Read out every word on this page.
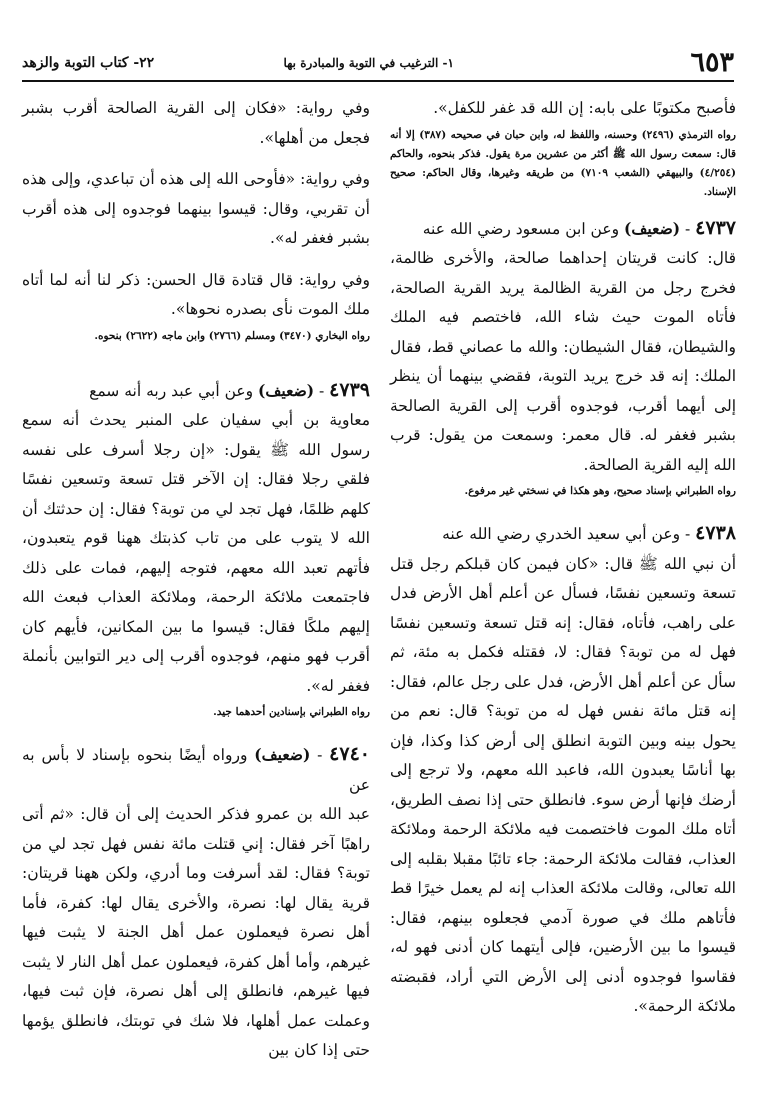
٦٥٣
١- الترغيب في التوبة والمبادرة بها
٢٢- كتاب التوبة والزهد

فأصبح مكتوبًا على بابه: إن الله قد غفر للكفل».

رواه الترمذي (٢٤٩٦) وحسنه، واللفظ له، وابن حبان في صحيحه (٣٨٧) إلا أنه قال: سمعت رسول الله ﷺ أكثر من عشرين مرة يقول. فذكر بنحوه، والحاكم (٤/٢٥٤) والبيهقي (الشعب ٧١٠٩) من طريقه وغيرها، وقال الحاكم: صحيح الإسناد.

٤٧٣٧ - (ضعيف) وعن ابن مسعود رضي الله عنه

قال: كانت قريتان إحداهما صالحة، والأخرى ظالمة، فخرج رجل من القرية الظالمة يريد القرية الصالحة، فأتاه الموت حيث شاء الله، فاختصم فيه الملك والشيطان، فقال الشيطان: والله ما عصاني قط، فقال الملك: إنه قد خرج يريد التوبة، فقضي بينهما أن ينظر إلى أيهما أقرب، فوجدوه أقرب إلى القرية الصالحة بشبر فغفر له. قال معمر: وسمعت من يقول: قرب الله إليه القرية الصالحة.

رواه الطبراني بإسناد صحيح، وهو هكذا في نسختي غير مرفوع.

٤٧٣٨ - وعن أبي سعيد الخدري رضي الله عنه

أن نبي الله ﷺ قال: «كان فيمن كان قبلكم رجل قتل تسعة وتسعين نفسًا، فسأل عن أعلم أهل الأرض فدل على راهب، فأتاه، فقال: إنه قتل تسعة وتسعين نفسًا فهل له من توبة؟ فقال: لا، فقتله فكمل به مئة، ثم سأل عن أعلم أهل الأرض، فدل على رجل عالم، فقال: إنه قتل مائة نفس فهل له من توبة؟ قال: نعم من يحول بينه وبين التوبة انطلق إلى أرض كذا وكذا، فإن بها أناسًا يعبدون الله، فاعبد الله معهم، ولا ترجع إلى أرضك فإنها أرض سوء. فانطلق حتى إذا نصف الطريق، أتاه ملك الموت فاختصمت فيه ملائكة الرحمة وملائكة العذاب، فقالت ملائكة الرحمة: جاء تائبًا مقبلا بقلبه إلى الله تعالى، وقالت ملائكة العذاب إنه لم يعمل خيرًا قط فأتاهم ملك في صورة آدمي فجعلوه بينهم، فقال: قيسوا ما بين الأرضين، فإلى أيتهما كان أدنى فهو له، فقاسوا فوجدوه أدنى إلى الأرض التي أراد، فقبضته ملائكة الرحمة».

وفي رواية: «فكان إلى القرية الصالحة أقرب بشبر فجعل من أهلها».

وفي رواية: «فأوحى الله إلى هذه أن تباعدي، وإلى هذه أن تقربي، وقال: قيسوا بينهما فوجدوه إلى هذه أقرب بشبر فغفر له».

وفي رواية: قال قتادة قال الحسن: ذكر لنا أنه لما أتاه ملك الموت نأى بصدره نحوها».

رواه البخاري (٣٤٧٠) ومسلم (٢٧٦٦) وابن ماجه (٢٦٢٢) بنحوه.

٤٧٣٩ - (ضعيف) وعن أبي عبد ربه أنه سمع

معاوية بن أبي سفيان على المنبر يحدث أنه سمع رسول الله ﷺ يقول: «إن رجلا أسرف على نفسه فلقي رجلا فقال: إن الآخر قتل تسعة وتسعين نفسًا كلهم ظلمًا، فهل تجد لي من توبة؟ فقال: إن حدثتك أن الله لا يتوب على من تاب كذبتك ههنا قوم يتعبدون، فأتهم تعبد الله معهم، فتوجه إليهم، فمات على ذلك فاجتمعت ملائكة الرحمة، وملائكة العذاب فبعث الله إليهم ملكًا فقال: قيسوا ما بين المكانين، فأيهم كان أقرب فهو منهم، فوجدوه أقرب إلى دير التوابين بأنملة فغفر له».

رواه الطبراني بإسنادين أحدهما جيد.

٤٧٤٠ - (ضعيف) ورواه أيضًا بنحوه بإسناد لا بأس به عن

عبد الله بن عمرو فذكر الحديث إلى أن قال: «ثم أتى راهبًا آخر فقال: إني قتلت مائة نفس فهل تجد لي من توبة؟ فقال: لقد أسرفت وما أدري، ولكن ههنا قريتان: قرية يقال لها: نصرة، والأخرى يقال لها: كفرة، فأما أهل نصرة فيعملون عمل أهل الجنة لا يثبت فيها غيرهم، وأما أهل كفرة، فيعملون عمل أهل النار لا يثبت فيها غيرهم، فانطلق إلى أهل نصرة، فإن ثبت فيها، وعملت عمل أهلها، فلا شك في توبتك، فانطلق يؤمها حتى إذا كان بين
